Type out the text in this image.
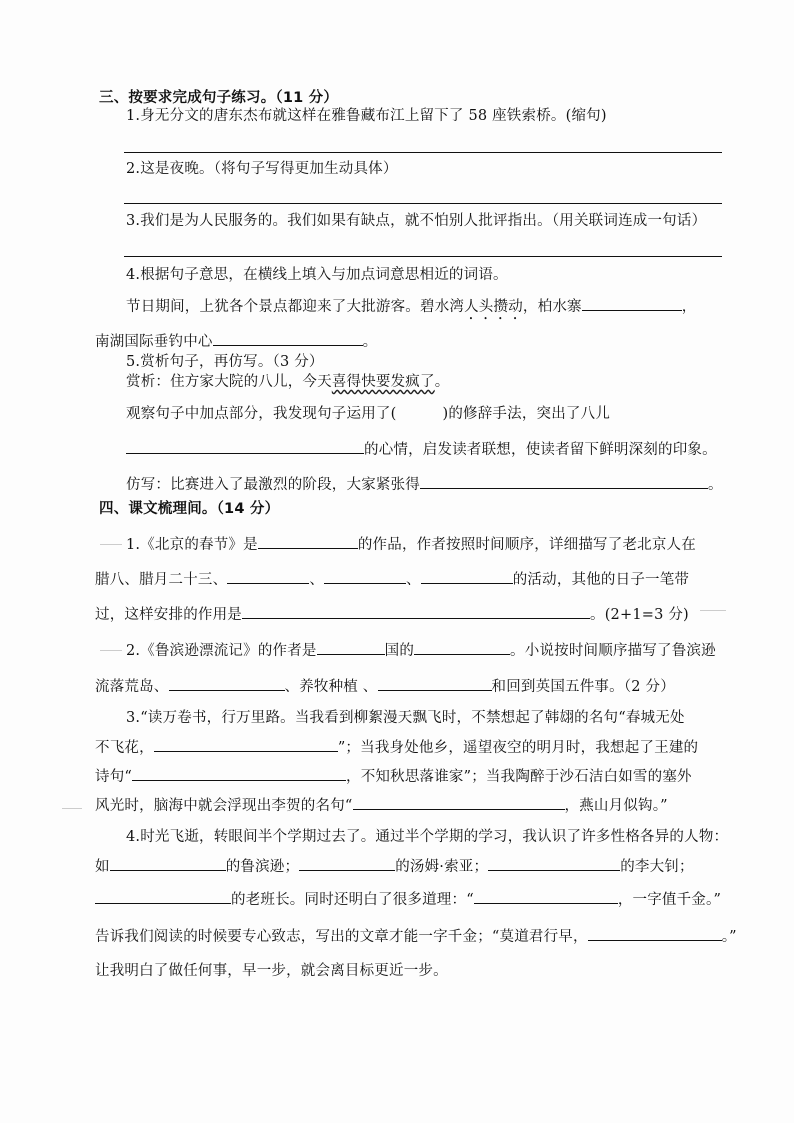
三、按要求完成句子练习。（11 分）
1.身无分文的唐东杰布就这样在雅鲁藏布江上留下了 58 座铁索桥。(缩句)
2.这是夜晚。（将句子写得更加生动具体）
3.我们是为人民服务的。我们如果有缺点，就不怕别人批评指出。（用关联词连成一句话）
4.根据句子意思，在横线上填入与加点词意思相近的词语。
节日期间，上犹各个景点都迎来了大批游客。碧水湾人头攒动，柏水寨	，
南湖国际垂钓中心	。
5.赏析句子，再仿写。（3 分）
赏析：住方家大院的八儿，今天喜得快要发疯了。
观察句子中加点部分，我发现句子运用了(	)的修辞手法，突出了八儿
的心情，启发读者联想，使读者留下鲜明深刻的印象。
仿写：比赛进入了最激烈的阶段，大家紧张得	。
四、课文梳理间。（14 分）
1.《北京的春节》是	的作品，作者按照时间顺序，详细描写了老北京人在
腊八、腊月二十三、	、	、	的活动，其他的日子一笔带
过，这样安排的作用是	。(2+1=3 分)
2.《鲁滨逊漂流记》的作者是	国的	。小说按时间顺序描写了鲁滨逊
流落荒岛、	、养牧种植 、	和回到英国五件事。（2 分）
3.“读万卷书，行万里路。当我看到柳絮漫天飘飞时，不禁想起了韩翃的名句“春城无处
不飞花，	”；当我身处他乡，遥望夜空的明月时，我想起了王建的
诗句“	，不知秋思落谁家”；当我陶醉于沙石洁白如雪的塞外
风光时，脑海中就会浮现出李贺的名句“	，燕山月似钩。”
4.时光飞逝，转眼间半个学期过去了。通过半个学期的学习，我认识了许多性格各异的人物：
如	的鲁滨逊；	的汤姆·索亚；	的李大钊；
的老班长。同时还明白了很多道理：“	，一字值千金。”
告诉我们阅读的时候要专心致志，写出的文章才能一字千金；“莫道君行早，	。”
让我明白了做任何事，早一步，就会离目标更近一步。
